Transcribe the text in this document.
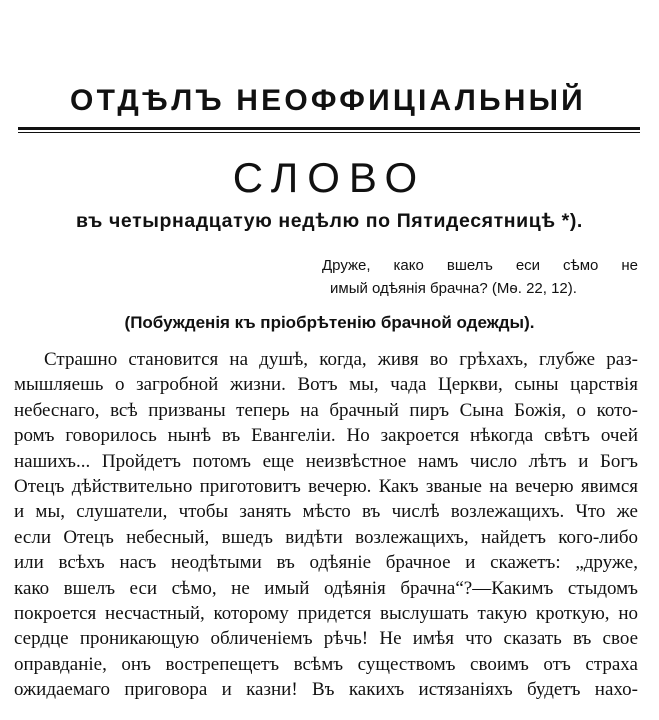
ОТДѢЛЪ НЕОФФИЦІАЛЬНЫЙ
СЛОВО
въ четырнадцатую недѣлю по Пятидесятницѣ *).
Друже, како вшелъ еси сѣмо не
имый одѣянія брачна? (Мѳ. 22, 12).
(Побужденія къ пріобрѣтенію брачной одежды).
Страшно становится на душѣ, когда, живя во грѣхахъ, глубже раз-
мышляешь о загробной жизни. Вотъ мы, чада Церкви, сыны царствія
небеснаго, всѣ призваны теперь на брачный пиръ Сына Божія, о кото-
ромъ говорилось нынѣ въ Евангеліи. Но закроется нѣкогда свѣтъ очей
нашихъ... Пройдетъ потомъ еще неизвѣстное намъ число лѣтъ и Богъ
Отецъ дѣйствительно приготовитъ вечерю. Какъ званые на вечерю явимся
и мы, слушатели, чтобы занять мѣсто въ числѣ возлежащихъ. Что же
если Отецъ небесный, вшедъ видѣти возлежащихъ, найдетъ кого-либо
или всѣхъ насъ неодѣтыми въ одѣяніе брачное и скажетъ: „друже,
како вшелъ еси сѣмо, не имый одѣянія брачна“?—Какимъ стыдомъ
покроется несчастный, которому придется выслушать такую кроткую, но
сердце проникающую обличеніемъ рѣчь! Не имѣя что сказать въ свое
оправданіе, онъ вострепещетъ всѣмъ существомъ своимъ отъ страха
ожидаемаго приговора и казни! Въ какихъ истязаніяхъ будетъ нахо-
